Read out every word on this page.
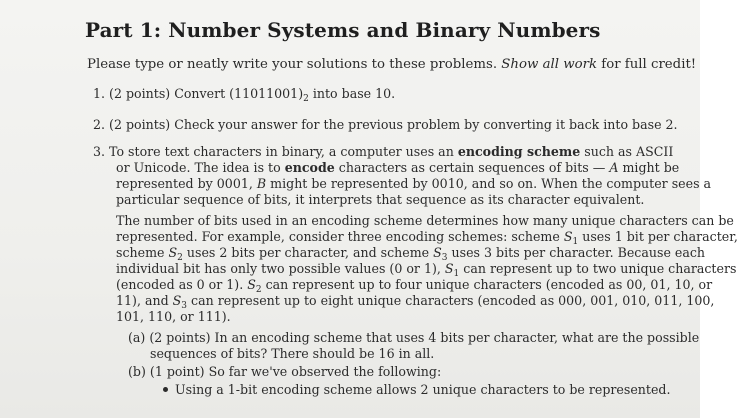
Part 1: Number Systems and Binary Numbers
Please type or neatly write your solutions to these problems. Show all work for full credit!
1. (2 points) Convert $(11011001)_2$ into base 10.
2. (2 points) Check your answer for the previous problem by converting it back into base 2.
3. To store text characters in binary, a computer uses an encoding scheme such as ASCII
or Unicode. The idea is to encode characters as certain sequences of bits — A might be
represented by 0001, B might be represented by 0010, and so on. When the computer sees a
particular sequence of bits, it interprets that sequence as its character equivalent.
The number of bits used in an encoding scheme determines how many unique characters can be
represented. For example, consider three encoding schemes: scheme $S_1$ uses 1 bit per character,
scheme $S_2$ uses 2 bits per character, and scheme $S_3$ uses 3 bits per character. Because each
individual bit has only two possible values (0 or 1), $S_1$ can represent up to two unique characters
(encoded as 0 or 1). $S_2$ can represent up to four unique characters (encoded as 00, 01, 10, or
11), and $S_3$ can represent up to eight unique characters (encoded as 000, 001, 010, 011, 100,
101, 110, or 111).
(a) (2 points) In an encoding scheme that uses 4 bits per character, what are the possible
sequences of bits? There should be 16 in all.
(b) (1 point) So far we've observed the following:
Using a 1-bit encoding scheme allows 2 unique characters to be represented.
